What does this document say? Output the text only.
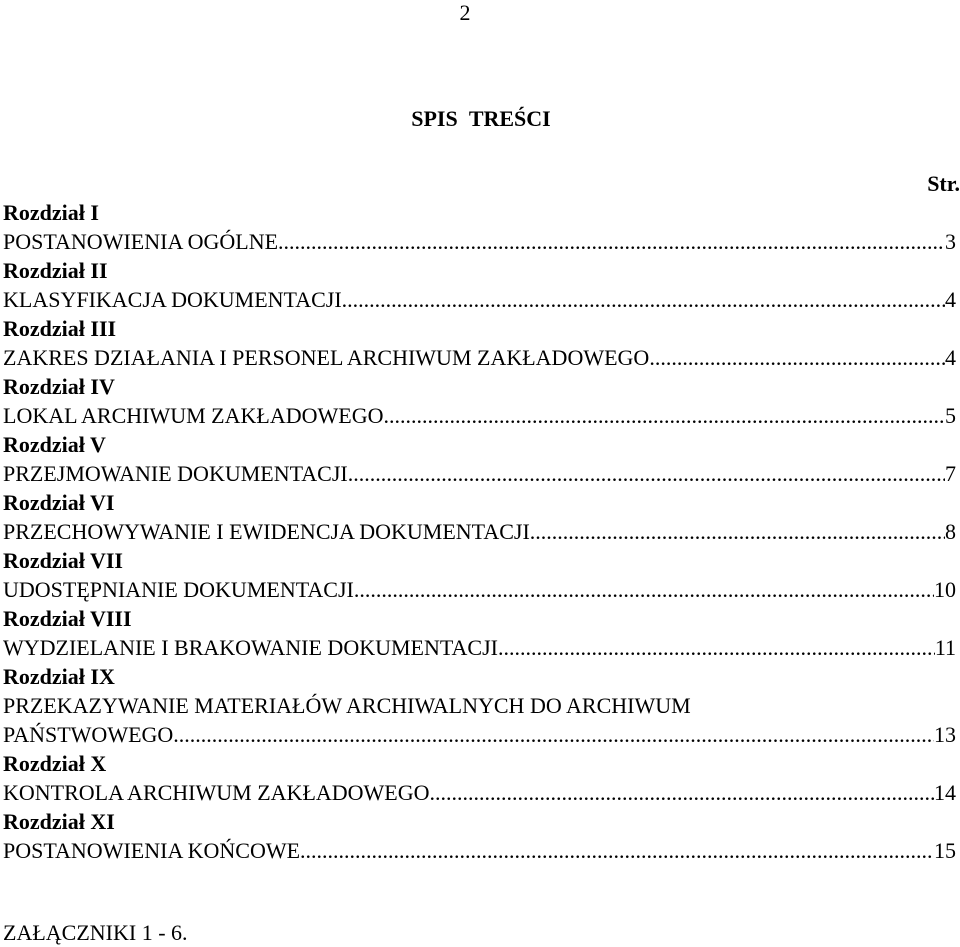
2
SPIS TREŚCI
Str.
Rozdział I
POSTANOWIENIA OGÓLNE .....	3
Rozdział II
KLASYFIKACJA DOKUMENTACJI .....	4
Rozdział III
ZAKRES DZIAŁANIA I PERSONEL ARCHIWUM ZAKŁADOWEGO .....	4
Rozdział IV
LOKAL ARCHIWUM ZAKŁADOWEGO .....	5
Rozdział V
PRZEJMOWANIE DOKUMENTACJI .....	7
Rozdział VI
PRZECHOWYWANIE I EWIDENCJA DOKUMENTACJI .....	8
Rozdział VII
UDOSTĘPNIANIE DOKUMENTACJI .....	10
Rozdział VIII
WYDZIELANIE I BRAKOWANIE DOKUMENTACJI .....	11
Rozdział IX
PRZEKAZYWANIE MATERIAŁÓW ARCHIWALNYCH DO ARCHIWUM
PAŃSTWOWEGO .....	13
Rozdział X
KONTROLA ARCHIWUM ZAKŁADOWEGO .....	14
Rozdział XI
POSTANOWIENIA KOŃCOWE .....	15
ZAŁĄCZNIKI 1 - 6.
